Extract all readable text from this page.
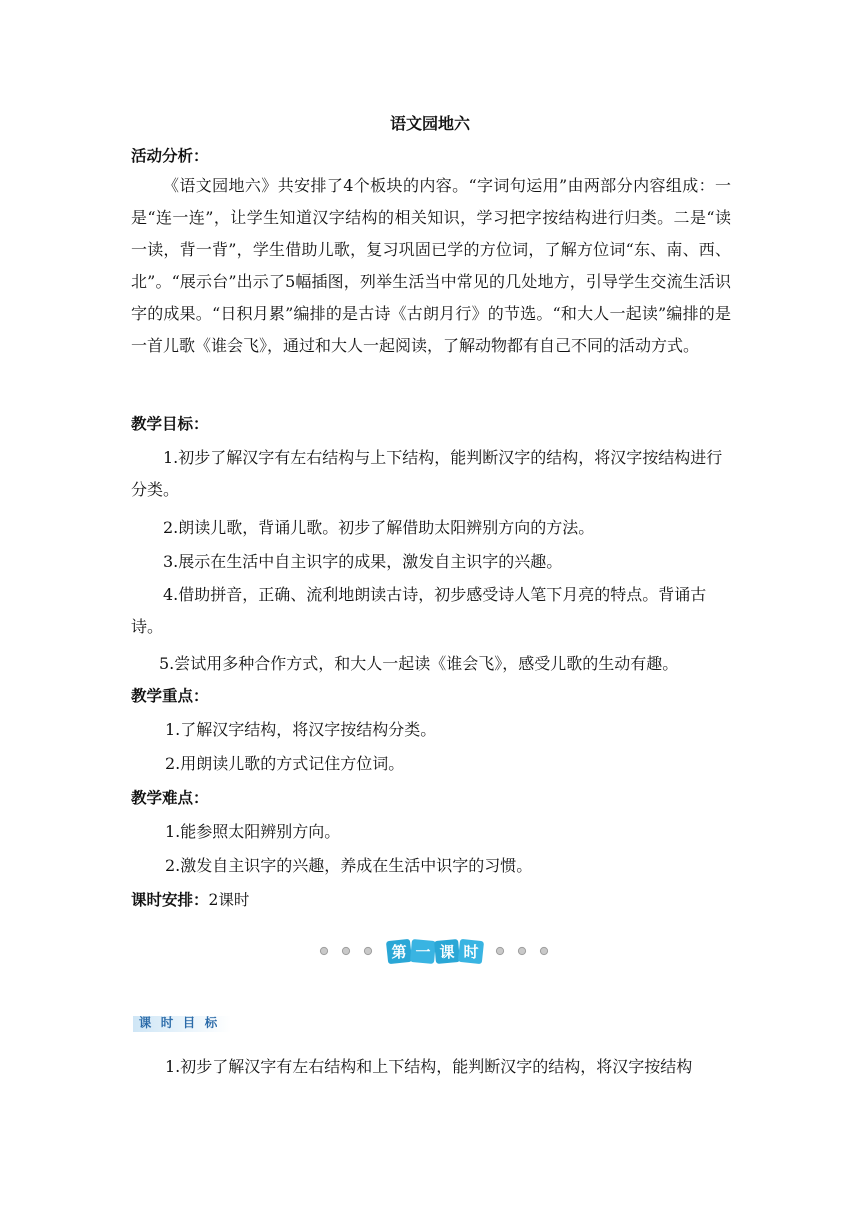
语文园地六
活动分析：
《语文园地六》共安排了4个板块的内容。“字词句运用”由两部分内容组成：一是“连一连”，让学生知道汉字结构的相关知识，学习把字按结构进行归类。二是“读一读，背一背”，学生借助儿歌，复习巩固已学的方位词，了解方位词“东、南、西、北”。“展示台”出示了5幅插图，列举生活当中常见的几处地方，引导学生交流生活识字的成果。“日积月累”编排的是古诗《古朗月行》的节选。“和大人一起读”编排的是一首儿歌《谁会飞》，通过和大人一起阅读，了解动物都有自己不同的活动方式。
教学目标：
1.初步了解汉字有左右结构与上下结构，能判断汉字的结构，将汉字按结构进行分类。
2.朗读儿歌，背诵儿歌。初步了解借助太阳辨别方向的方法。
3.展示在生活中自主识字的成果，激发自主识字的兴趣。
4.借助拼音，正确、流利地朗读古诗，初步感受诗人笔下月亮的特点。背诵古诗。
5.尝试用多种合作方式，和大人一起读《谁会飞》，感受儿歌的生动有趣。
教学重点：
1.了解汉字结构，将汉字按结构分类。
2.用朗读儿歌的方式记住方位词。
教学难点：
1.能参照太阳辨别方向。
2.激发自主识字的兴趣，养成在生活中识字的习惯。
课时安排：2课时
第 一 课 时
课 时 目 标
1.初步了解汉字有左右结构和上下结构，能判断汉字的结构，将汉字按结构
